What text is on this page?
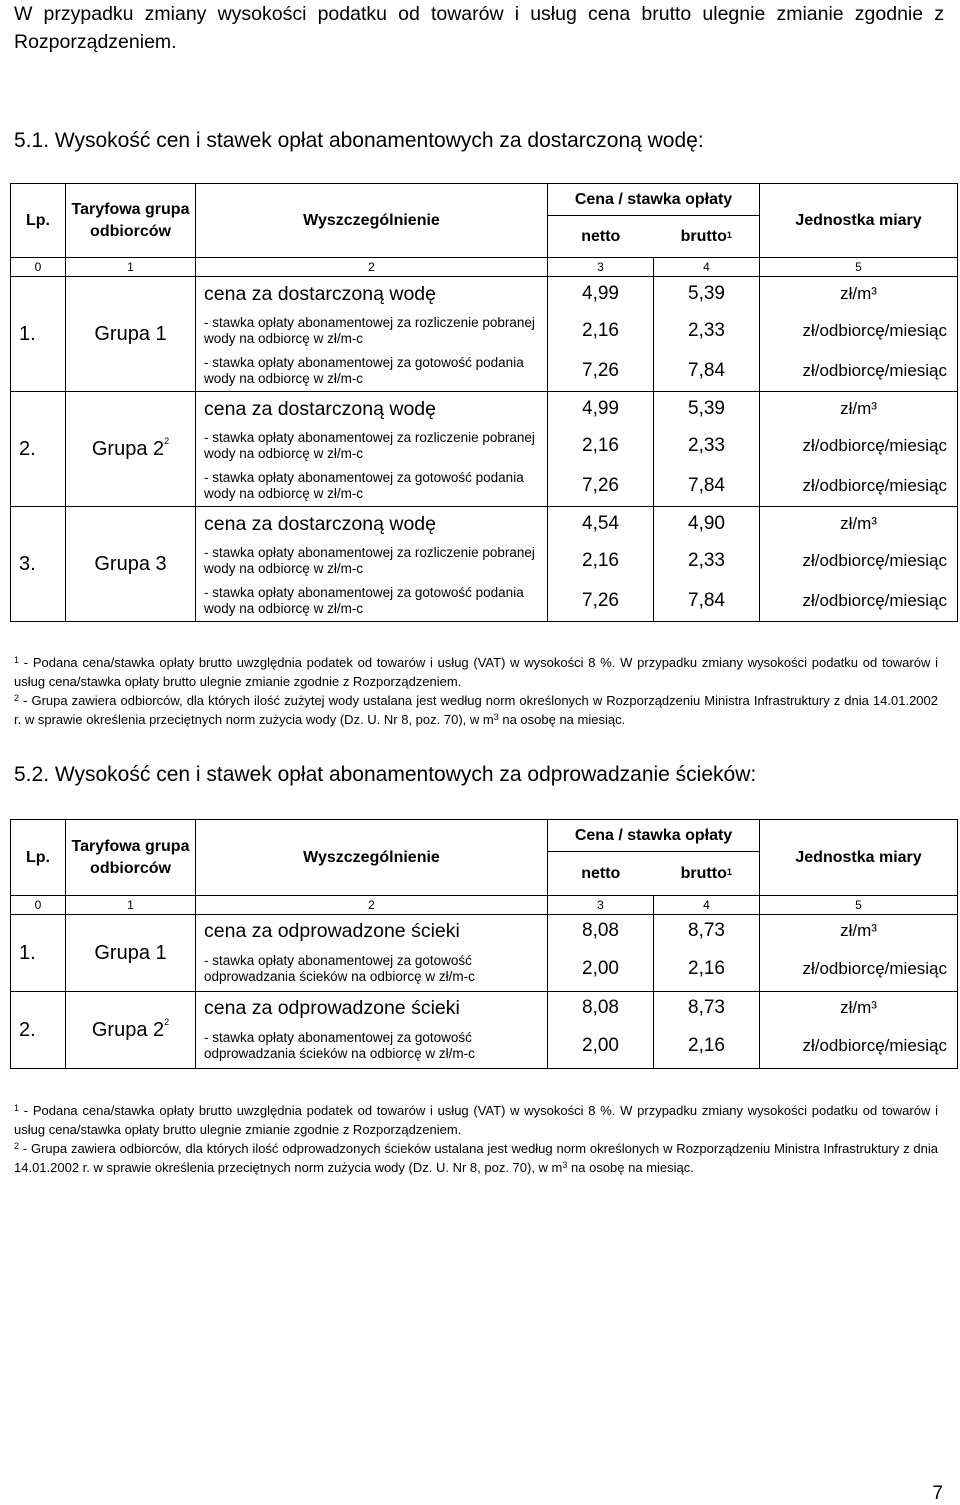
W przypadku zmiany wysokości podatku od towarów i usług cena brutto ulegnie zmianie zgodnie z Rozporządzeniem.
5.1. Wysokość cen i stawek opłat abonamentowych za dostarczoną wodę:
Lp.	Taryfowa grupa odbiorców	Wyszczególnienie	Cena / stawka opłaty		Jednostka miary
			netto	brutto$^1$
0	1	2	3	4	5
1.	Grupa 1	cena za dostarczoną wodę	4,99	5,39	zł/m³
		- stawka opłaty abonamentowej za rozliczenie pobranej wody na odbiorcę w zł/m-c	2,16	2,33	zł/odbiorcę/miesiąc
		- stawka opłaty abonamentowej za gotowość podania wody na odbiorcę w zł/m-c	7,26	7,84	zł/odbiorcę/miesiąc
2.	Grupa $2^2$	cena za dostarczoną wodę	4,99	5,39	zł/m³
		- stawka opłaty abonamentowej za rozliczenie pobranej wody na odbiorcę w zł/m-c	2,16	2,33	zł/odbiorcę/miesiąc
		- stawka opłaty abonamentowej za gotowość podania wody na odbiorcę w zł/m-c	7,26	7,84	zł/odbiorcę/miesiąc
3.	Grupa 3	cena za dostarczoną wodę	4,54	4,90	zł/m³
		- stawka opłaty abonamentowej za rozliczenie pobranej wody na odbiorcę w zł/m-c	2,16	2,33	zł/odbiorcę/miesiąc
		- stawka opłaty abonamentowej za gotowość podania wody na odbiorcę w zł/m-c	7,26	7,84	zł/odbiorcę/miesiąc
$^1$ - Podana cena/stawka opłaty brutto uwzględnia podatek od towarów i usług (VAT) w wysokości 8 %. W przypadku zmiany wysokości podatku od towarów i usług cena/stawka opłaty brutto ulegnie zmianie zgodnie z Rozporządzeniem.
$^2$ - Grupa zawiera odbiorców, dla których ilość zużytej wody ustalana jest według norm określonych w Rozporządzeniu Ministra Infrastruktury z dnia 14.01.2002 r. w sprawie określenia przeciętnych norm zużycia wody (Dz. U. Nr 8, poz. 70), w $m^3$ na osobę na miesiąc.
5.2. Wysokość cen i stawek opłat abonamentowych za odprowadzanie ścieków:
Lp.	Taryfowa grupa odbiorców	Wyszczególnienie	Cena / stawka opłaty		Jednostka miary
			netto	brutto$^1$
0	1	2	3	4	5
1.	Grupa 1	cena za odprowadzone ścieki	8,08	8,73	zł/m³
		- stawka opłaty abonamentowej za gotowość odprowadzania ścieków na odbiorcę w zł/m-c	2,00	2,16	zł/odbiorcę/miesiąc
2.	Grupa $2^2$	cena za odprowadzone ścieki	8,08	8,73	zł/m³
		- stawka opłaty abonamentowej za gotowość odprowadzania ścieków na odbiorcę w zł/m-c	2,00	2,16	zł/odbiorcę/miesiąc
$^1$ - Podana cena/stawka opłaty brutto uwzględnia podatek od towarów i usług (VAT) w wysokości 8 %. W przypadku zmiany wysokości podatku od towarów i usług cena/stawka opłaty brutto ulegnie zmianie zgodnie z Rozporządzeniem.
$^2$ - Grupa zawiera odbiorców, dla których ilość odprowadzonych ścieków ustalana jest według norm określonych w Rozporządzeniu Ministra Infrastruktury z dnia 14.01.2002 r. w sprawie określenia przeciętnych norm zużycia wody (Dz. U. Nr 8, poz. 70), w $m^3$ na osobę na miesiąc.
7
